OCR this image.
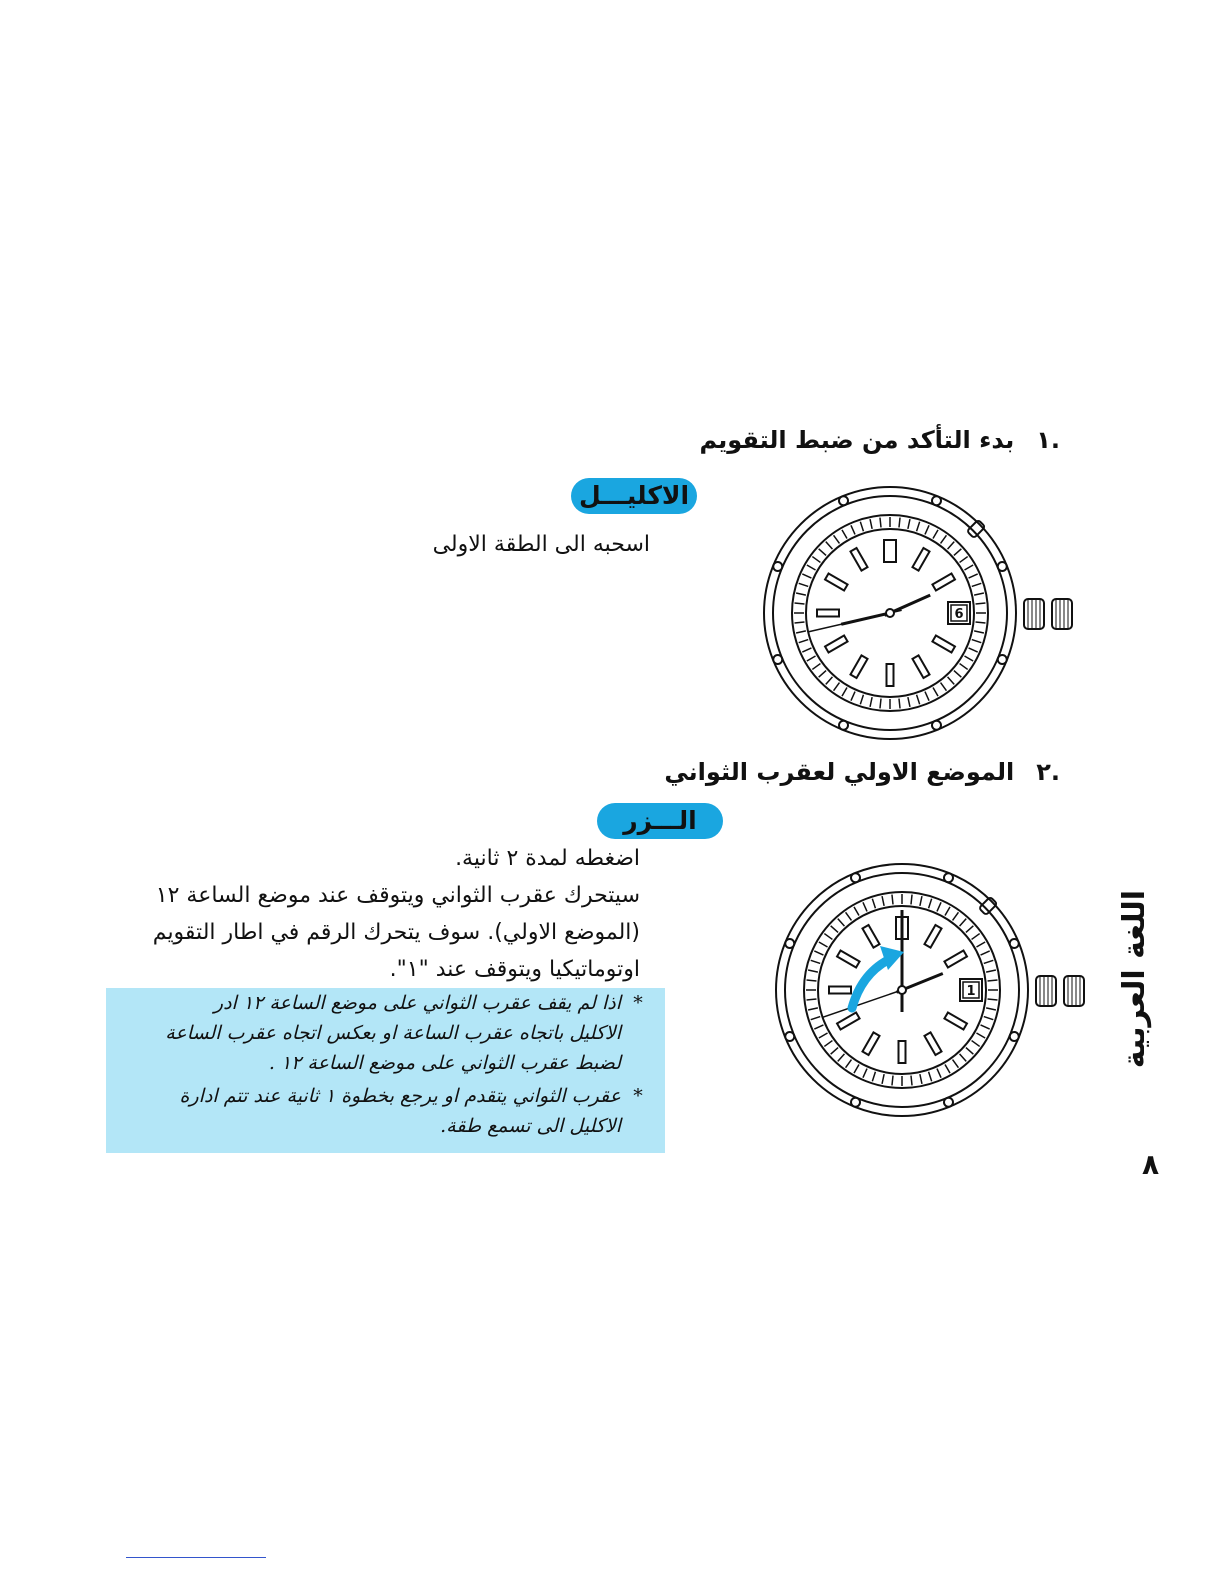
.١بدء التأكد من ضبط التقويم
الاكليـــل
اسحبه الى الطقة الاولى
6
.٢الموضع الاولي لعقرب الثواني
الـــزر
اضغطه لمدة ٢ ثانية.
سيتحرك عقرب الثواني ويتوقف عند موضع الساعة ١٢
(الموضع الاولي). سوف يتحرك الرقم في اطار التقويم
اوتوماتيكيا ويتوقف عند "١".
*
اذا لم يقف عقرب الثواني على موضع الساعة ١٢ ادر
الاكليل باتجاه عقرب الساعة او بعكس اتجاه عقرب الساعة
لضبط عقرب الثواني على موضع الساعة ١٢ .
*
عقرب الثواني يتقدم او يرجع بخطوة ١ ثانية عند تتم ادارة
الاكليل الى تسمع طقة.
1	اللغة العربية
٨
